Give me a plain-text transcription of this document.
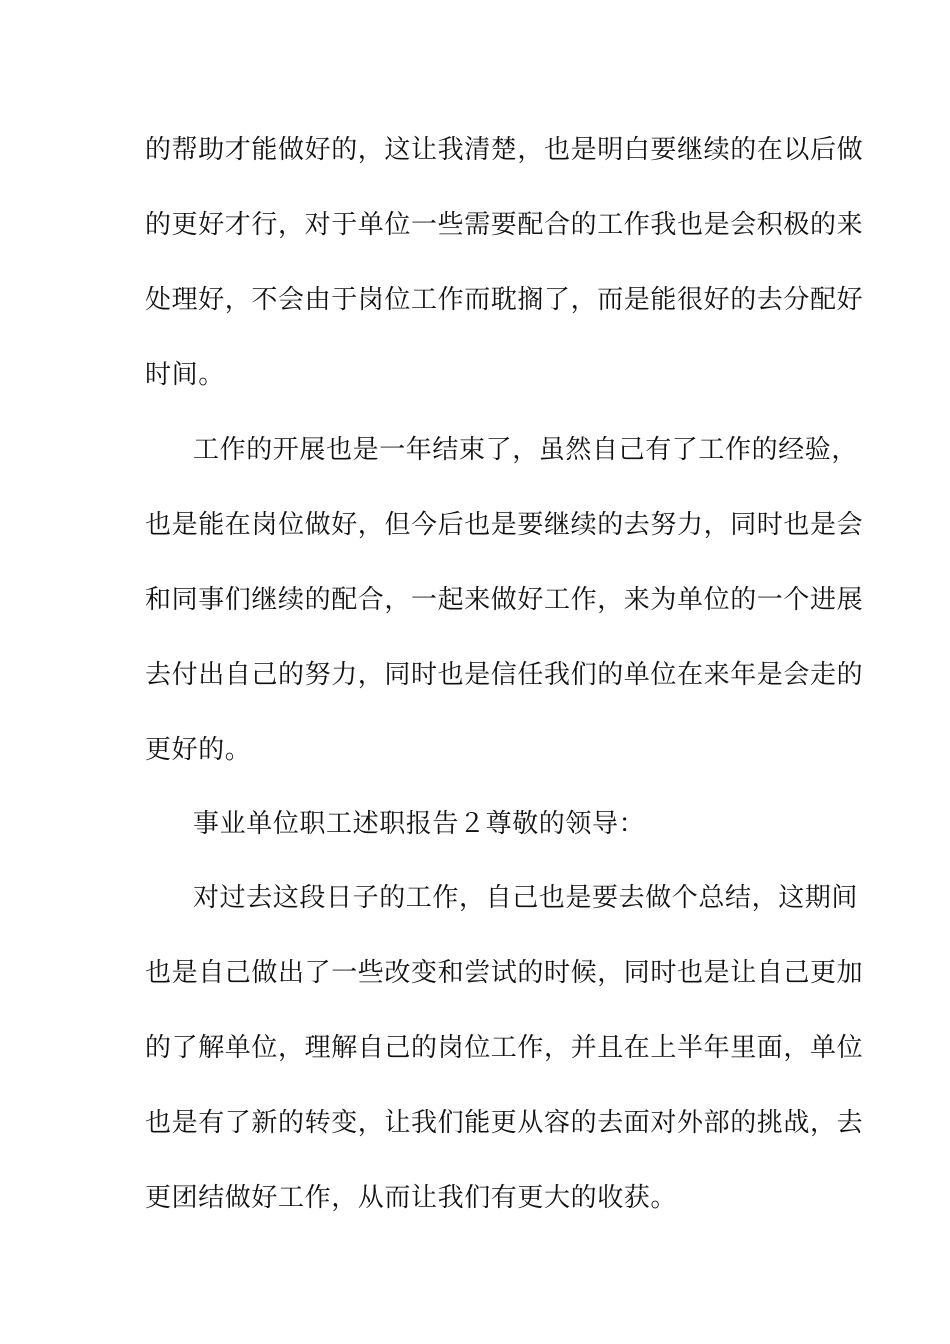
的帮助才能做好的，这让我清楚，也是明白要继续的在以后做
的更好才行，对于单位一些需要配合的工作我也是会积极的来
处理好，不会由于岗位工作而耽搁了，而是能很好的去分配好
时间。
工作的开展也是一年结束了，虽然自己有了工作的经验，
也是能在岗位做好，但今后也是要继续的去努力，同时也是会
和同事们继续的配合，一起来做好工作，来为单位的一个进展
去付出自己的努力，同时也是信任我们的单位在来年是会走的
更好的。
事业单位职工述职报告２尊敬的领导：
对过去这段日子的工作，自己也是要去做个总结，这期间
也是自己做出了一些改变和尝试的时候，同时也是让自己更加
的了解单位，理解自己的岗位工作，并且在上半年里面，单位
也是有了新的转变，让我们能更从容的去面对外部的挑战，去
更团结做好工作，从而让我们有更大的收获。
